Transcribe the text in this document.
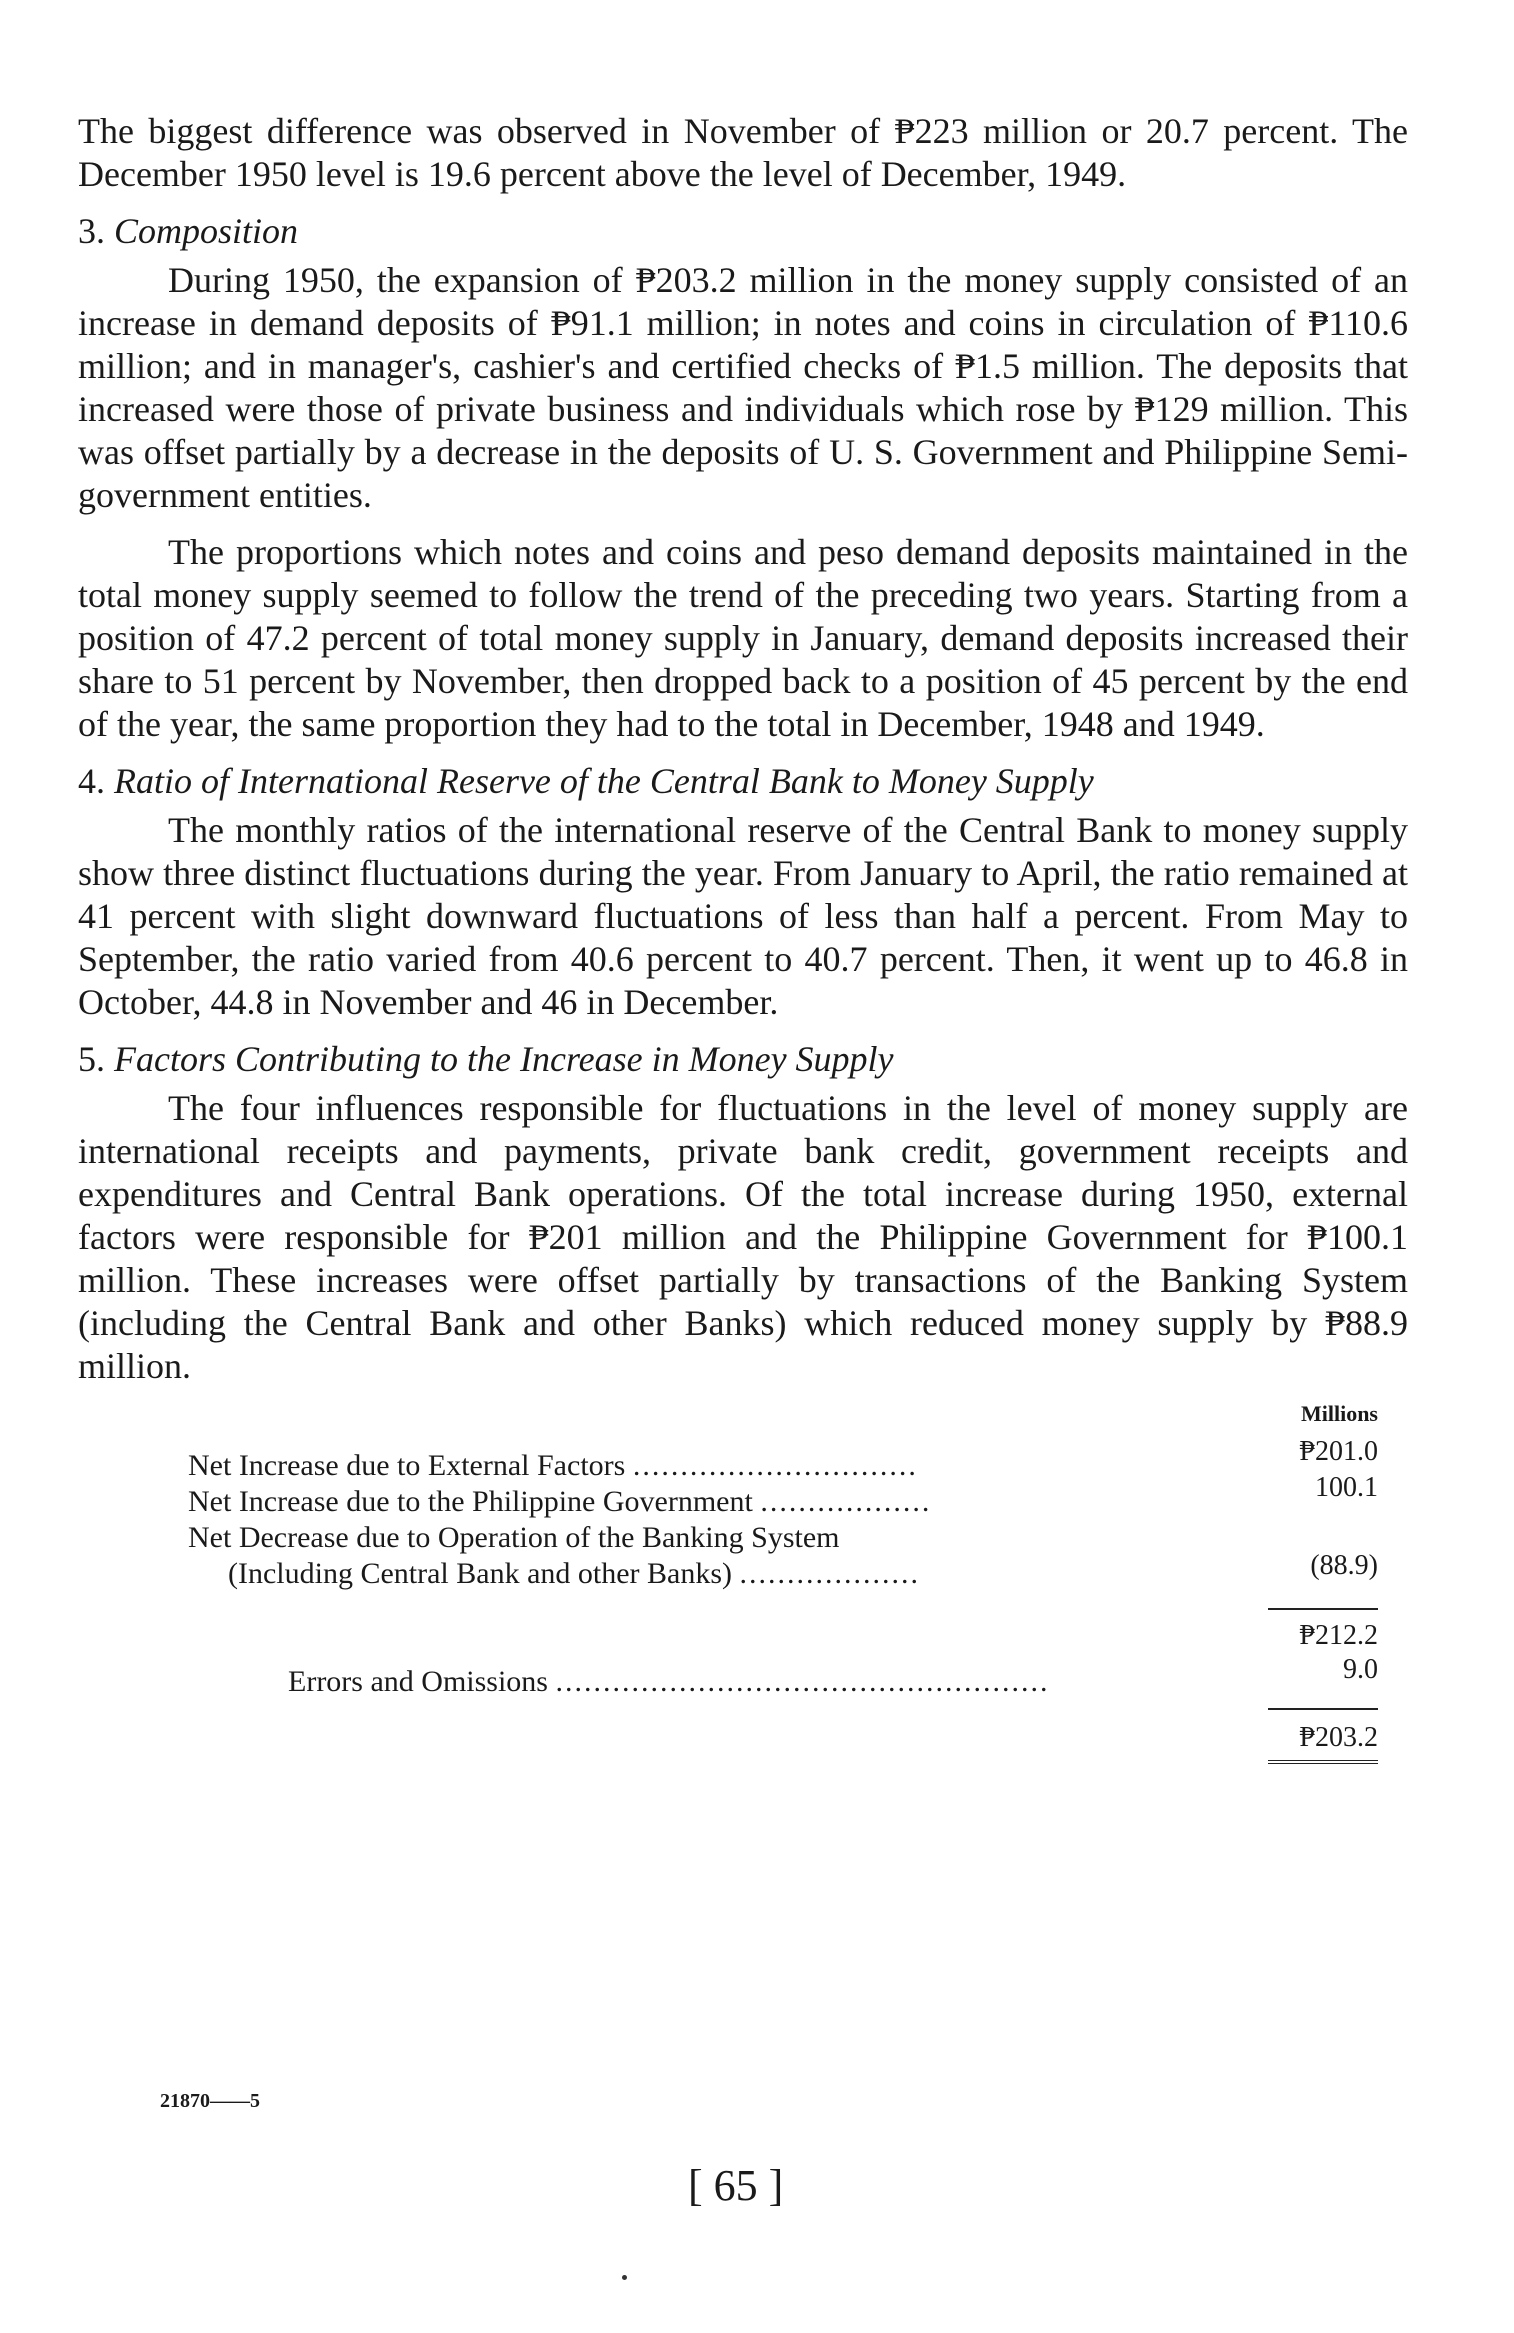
The biggest difference was observed in November of ₱223 million or 20.7 percent. The December 1950 level is 19.6 percent above the level of December, 1949.

3. Composition

During 1950, the expansion of ₱203.2 million in the money supply consisted of an increase in demand deposits of ₱91.1 million; in notes and coins in circulation of ₱110.6 million; and in manager's, cashier's and certified checks of ₱1.5 million. The deposits that increased were those of private business and individuals which rose by ₱129 million. This was offset partially by a decrease in the deposits of U. S. Government and Philippine Semi-government entities.

The proportions which notes and coins and peso demand deposits maintained in the total money supply seemed to follow the trend of the preceding two years. Starting from a position of 47.2 percent of total money supply in January, demand deposits increased their share to 51 percent by November, then dropped back to a position of 45 percent by the end of the year, the same proportion they had to the total in December, 1948 and 1949.

4. Ratio of International Reserve of the Central Bank to Money Supply

The monthly ratios of the international reserve of the Central Bank to money supply show three distinct fluctuations during the year. From January to April, the ratio remained at 41 percent with slight downward fluctuations of less than half a percent. From May to September, the ratio varied from 40.6 percent to 40.7 percent. Then, it went up to 46.8 in October, 44.8 in November and 46 in December.

5. Factors Contributing to the Increase in Money Supply

The four influences responsible for fluctuations in the level of money supply are international receipts and payments, private bank credit, government receipts and expenditures and Central Bank operations. Of the total increase during 1950, external factors were responsible for ₱201 million and the Philippine Government for ₱100.1 million. These increases were offset partially by transactions of the Banking System (including the Central Bank and other Banks) which reduced money supply by ₱88.9 million.

Millions
Net Increase due to External Factors ..............................	₱201.0
Net Increase due to the Philippine Government ..................	100.1
Net Decrease due to Operation of the Banking System
(Including Central Bank and other Banks) ...................	(88.9)
₱212.2
Errors and Omissions ....................................................	9.0
₱203.2
21870——5
[ 65 ]
